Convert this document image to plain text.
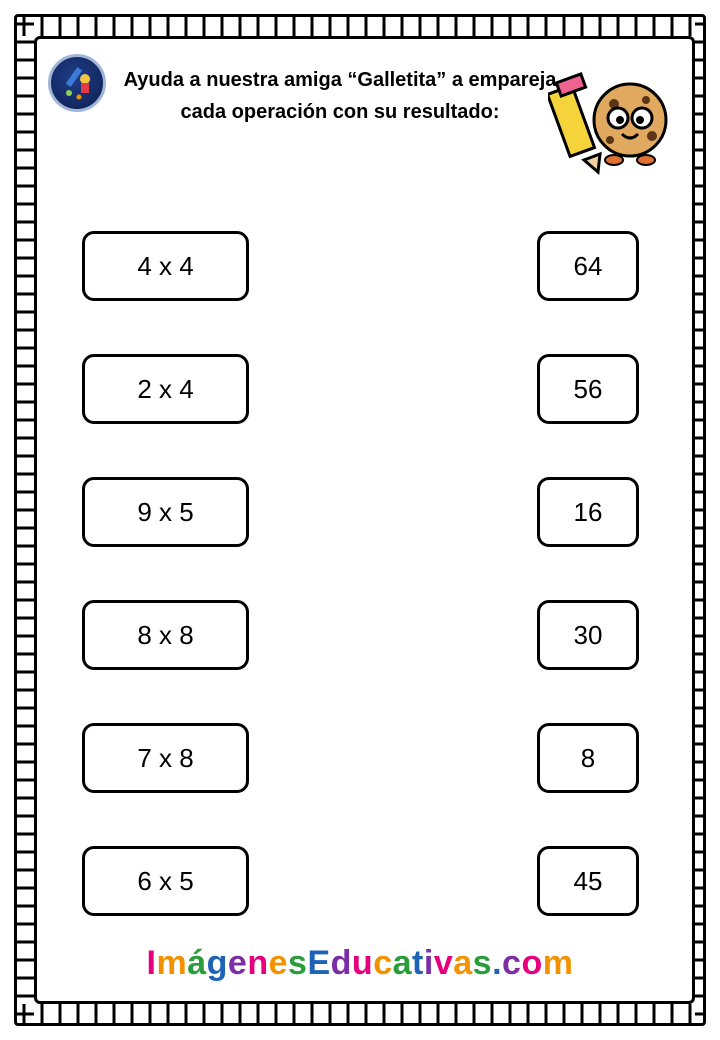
Ayuda a nuestra amiga “Galletita” a empareja cada operación con su resultado:
4 x 4
2 x 4
9 x 5
8 x 8
7 x 8
6 x 5
64
56
16
30
8
45
ImágenesEducativas.com
